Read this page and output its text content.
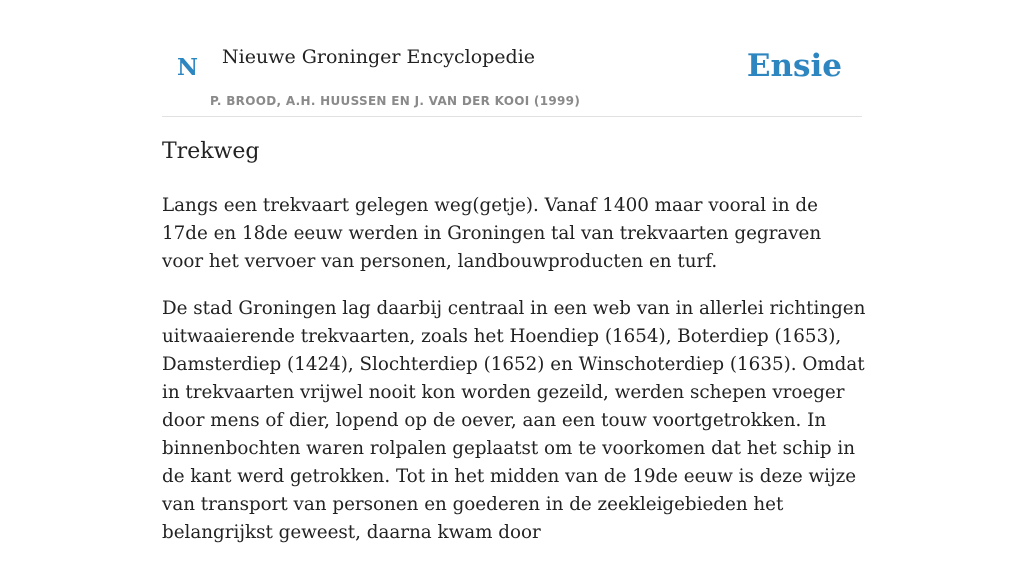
N Nieuwe Groninger Encyclopedie
P. BROOD, A.H. HUUSSEN EN J. VAN DER KOOI (1999)
Ensie
Trekweg

Langs een trekvaart gelegen weg(getje). Vanaf 1400 maar vooral in de 17de en 18de eeuw werden in Groningen tal van trekvaarten gegraven voor het vervoer van personen, landbouwproducten en turf.

De stad Groningen lag daarbij centraal in een web van in allerlei richtingen uitwaaierende trekvaarten, zoals het Hoendiep (1654), Boterdiep (1653), Damsterdiep (1424), Slochterdiep (1652) en Winschoterdiep (1635). Omdat in trekvaarten vrijwel nooit kon worden gezeild, werden schepen vroeger door mens of dier, lopend op de oever, aan een touw voortgetrokken. In binnenbochten waren rolpalen geplaatst om te voorkomen dat het schip in de kant werd getrokken. Tot in het midden van de 19de eeuw is deze wijze van transport van personen en goederen in de zeekleigebieden het belangrijkst geweest, daarna kwam door
